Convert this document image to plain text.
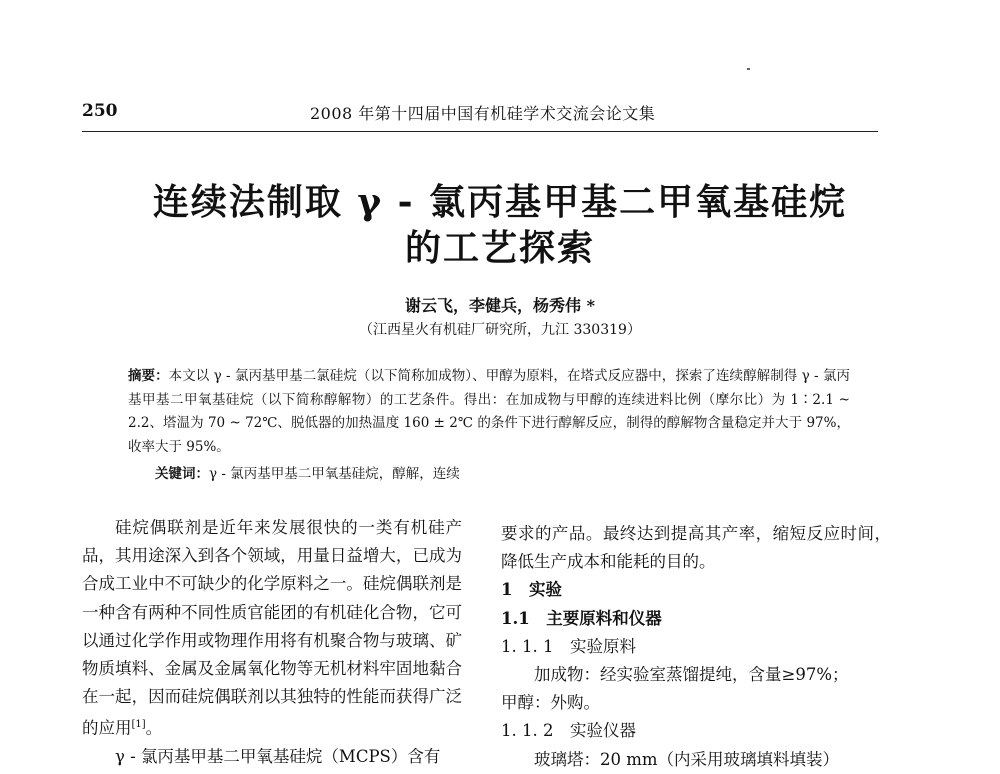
250	2008 年第十四届中国有机硅学术交流会论文集
连续法制取 γ - 氯丙基甲基二甲氧基硅烷
的工艺探索
谢云飞，李健兵，杨秀伟 *
（江西星火有机硅厂研究所，九江 330319）
摘要：本文以 γ - 氯丙基甲基二氯硅烷（以下简称加成物）、甲醇为原料，在塔式反应器中，探索了连续醇解制得 γ - 氯丙基甲基二甲氧基硅烷（以下简称醇解物）的工艺条件。得出：在加成物与甲醇的连续进料比例（摩尔比）为 1∶2.1 ~ 2.2、塔温为 70 ~ 72℃、脱低器的加热温度 160 ± 2℃ 的条件下进行醇解反应，制得的醇解物含量稳定并大于 97%，收率大于 95%。
关键词：γ - 氯丙基甲基二甲氧基硅烷，醇解，连续

硅烷偶联剂是近年来发展很快的一类有机硅产品，其用途深入到各个领域，用量日益增大，已成为合成工业中不可缺少的化学原料之一。硅烷偶联剂是一种含有两种不同性质官能团的有机硅化合物，它可以通过化学作用或物理作用将有机聚合物与玻璃、矿物质填料、金属及金属氧化物等无机材料牢固地黏合在一起，因而硅烷偶联剂以其独特的性能而获得广泛的应用[1]。

γ - 氯丙基甲基二甲氧基硅烷（MCPS）含有

要求的产品。最终达到提高其产率，缩短反应时间，降低生产成本和能耗的目的。

1　实验

1.1　主要原料和仪器

1. 1. 1　实验原料

加成物：经实验室蒸馏提纯，含量≥97%；

甲醇：外购。

1. 1. 2　实验仪器

玻璃塔：20 mm（内采用玻璃填料填装）
